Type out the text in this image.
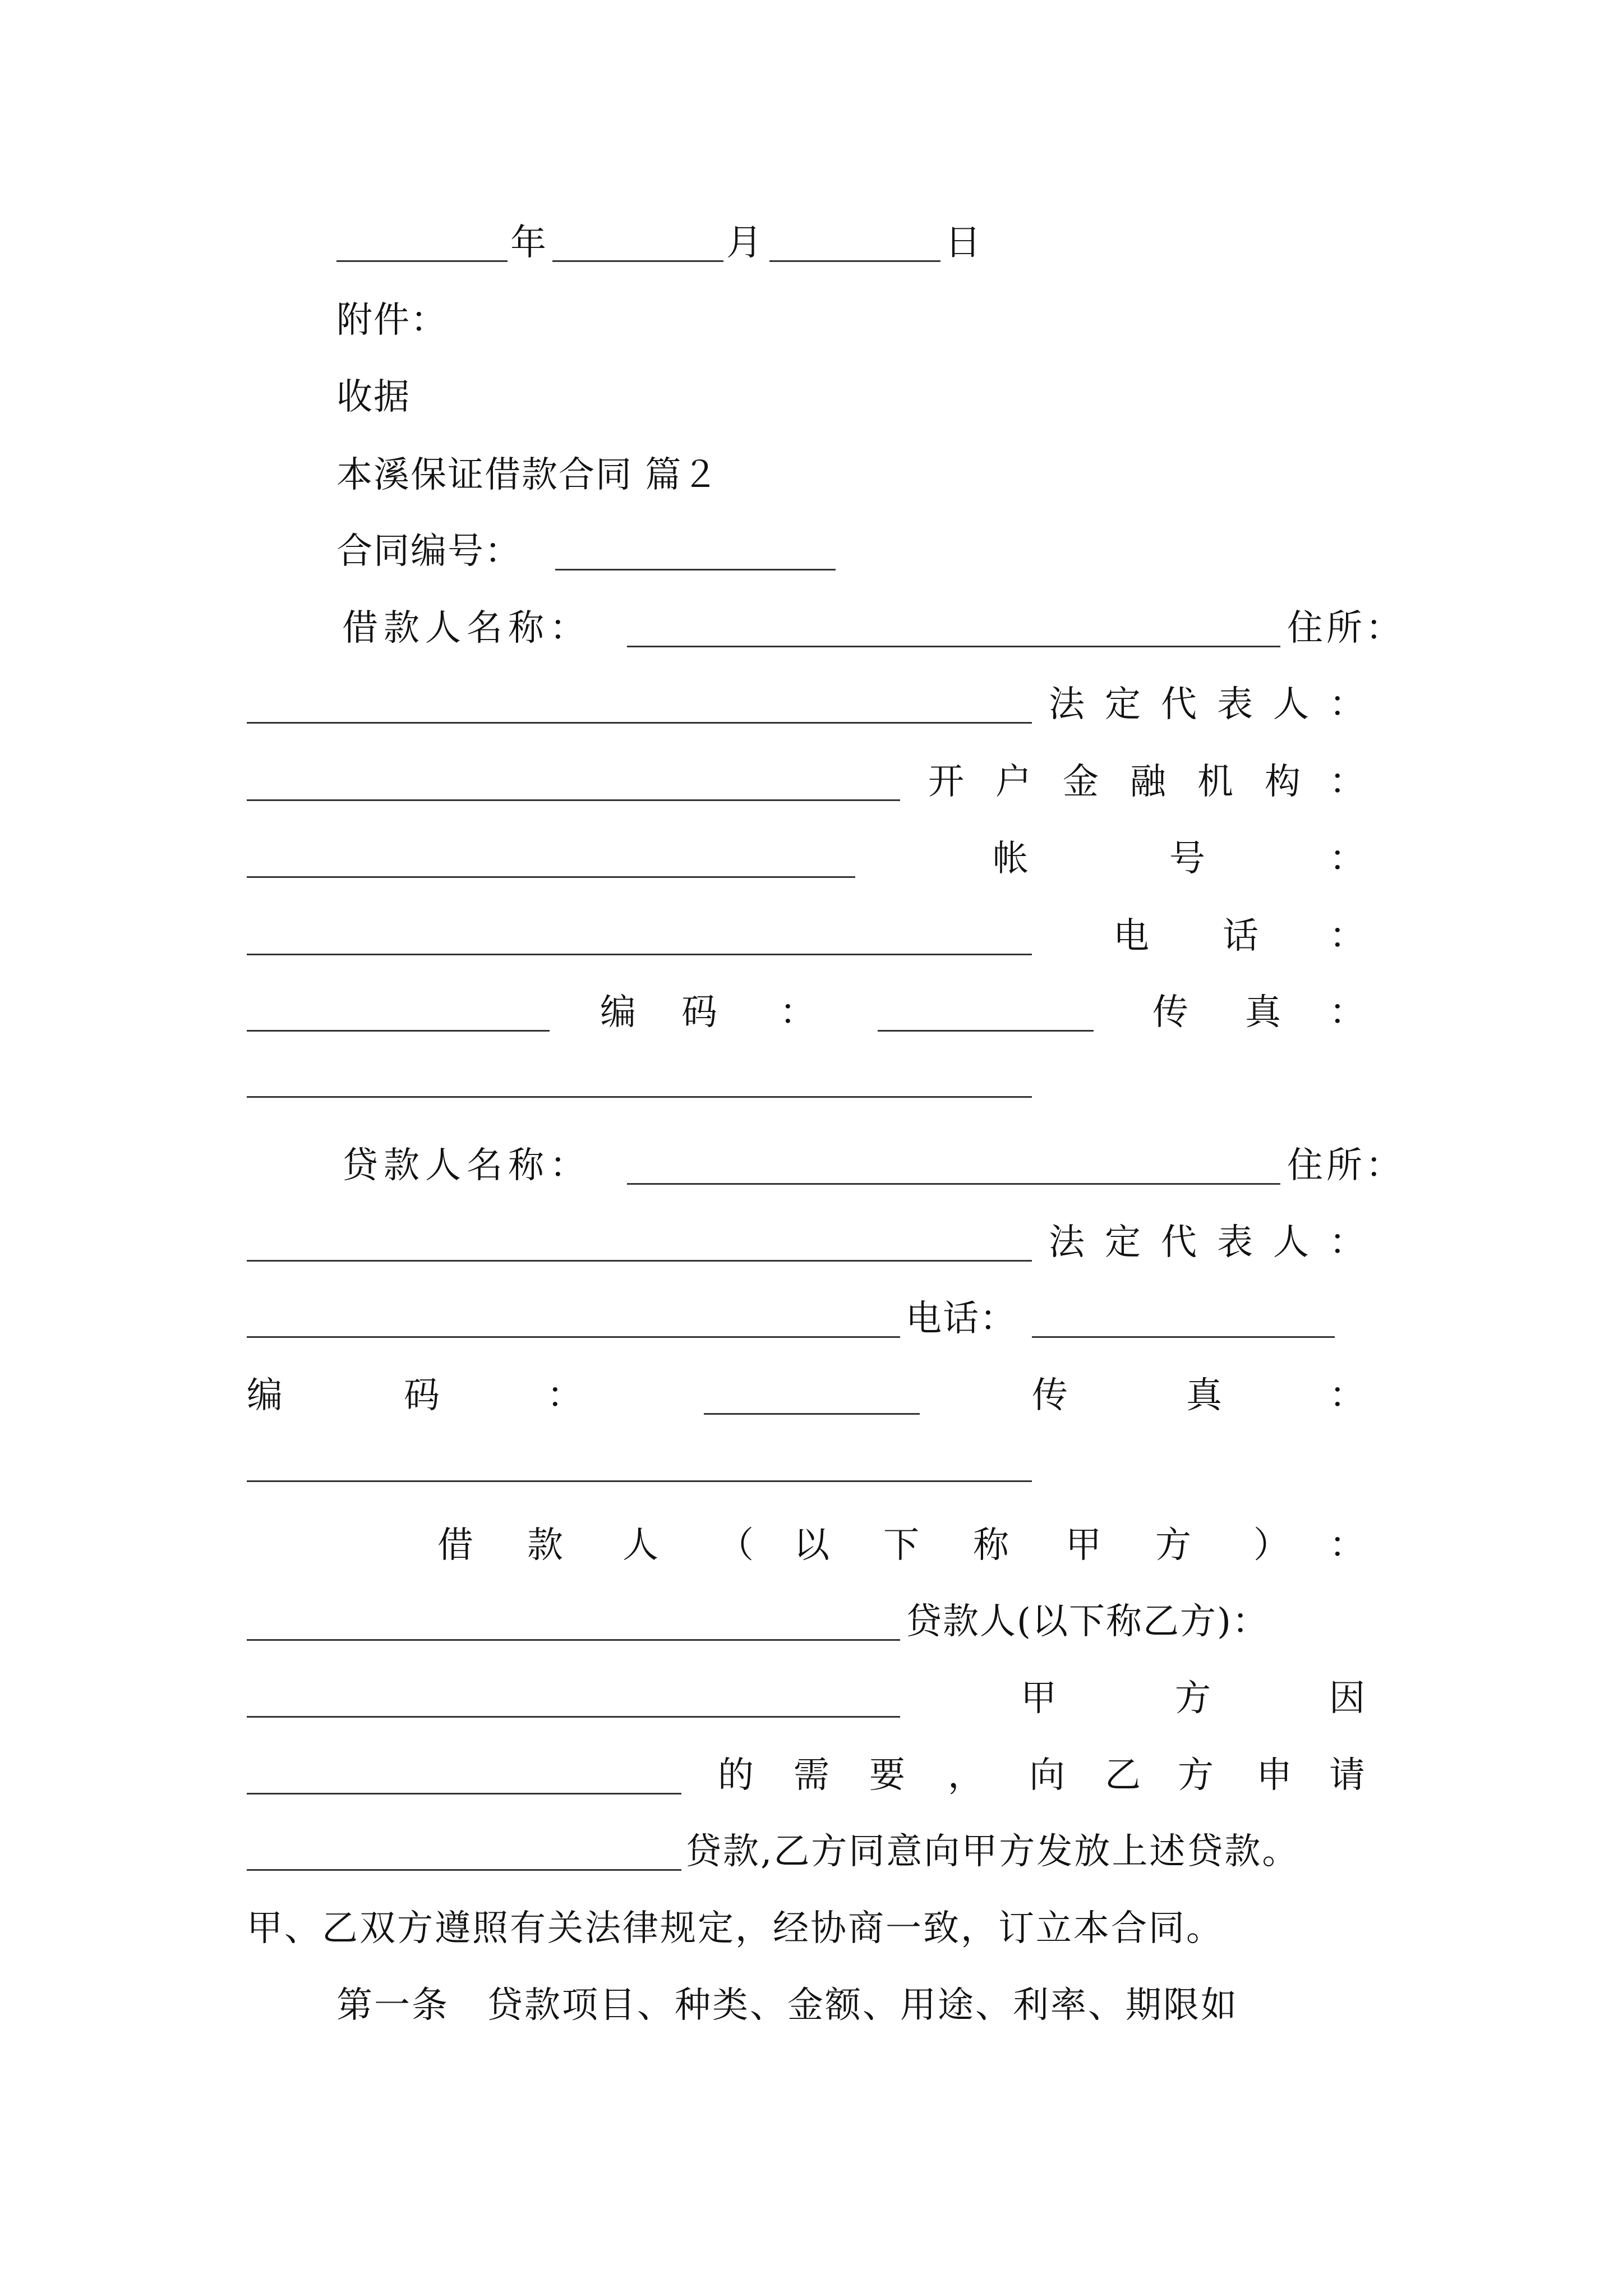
年	月	日
附件：
收据
本溪保证借款合同 篇２
合同编号：
借款人名称：	住所：
法 定 代 表 人 ：
开 户 金 融 机 构 ：
帐	号	：
电 话 ：
编 码 ：	传 真 ：
贷款人名称：	住所：
法 定 代 表 人 ：
电话：
编	码	：	传	真	：
借 款 人 （ 以 下 称 甲 方 ） ：
贷款人(以下称乙方)：
甲	方	因
的 需 要 ， 向 乙 方 申 请
贷款,乙方同意向甲方发放上述贷款。
甲、乙双方遵照有关法律规定，经协商一致，订立本合同。
第一条　贷款项目、种类、金额、用途、利率、期限如
